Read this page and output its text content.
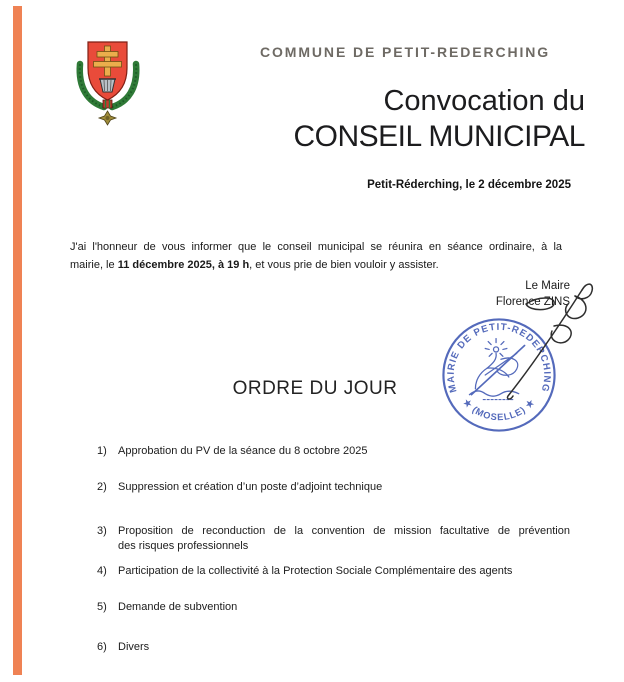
COMMUNE DE PETIT-REDERCHING
Convocation du
CONSEIL MUNICIPAL
Petit-Réderching, le 2 décembre 2025
J'ai l'honneur de vous informer que le conseil municipal se réunira en séance ordinaire, à la
mairie, le 11 décembre 2025, à 19 h, et vous prie de bien vouloir y assister.
Le Maire
Florence ZINS
MAIRIE DE PETIT-REDERCHING
★ (MOSELLE) ★
ORDRE DU JOUR
1)	Approbation du PV de la séance du 8 octobre 2025
2)	Suppression et création d’un poste d’adjoint technique
3)	Proposition de reconduction de la convention de mission facultative de prévention
des risques professionnels
4)	Participation de la collectivité à la Protection Sociale Complémentaire des agents
5)	Demande de subvention
6)	Divers
